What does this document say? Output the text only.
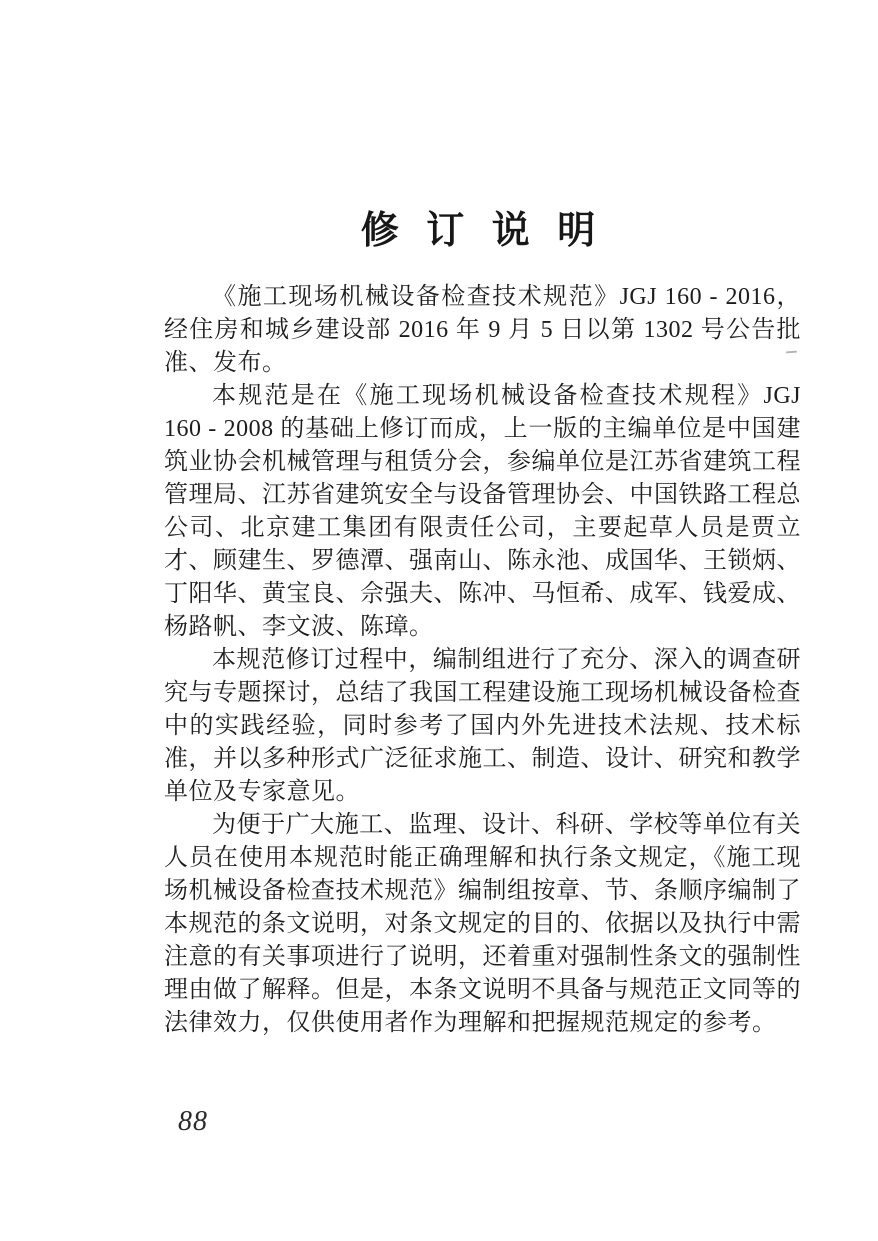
修 订 说 明

《施工现场机械设备检查技术规范》JGJ 160 - 2016，经住房和城乡建设部 2016 年 9 月 5 日以第 1302 号公告批准、发布。

本规范是在《施工现场机械设备检查技术规程》JGJ 160 - 2008 的基础上修订而成，上一版的主编单位是中国建筑业协会机械管理与租赁分会，参编单位是江苏省建筑工程管理局、江苏省建筑安全与设备管理协会、中国铁路工程总公司、北京建工集团有限责任公司，主要起草人员是贾立才、顾建生、罗德潭、强南山、陈永池、成国华、王锁炳、丁阳华、黄宝良、佘强夫、陈冲、马恒希、成军、钱爱成、杨路帆、李文波、陈璋。

本规范修订过程中，编制组进行了充分、深入的调查研究与专题探讨，总结了我国工程建设施工现场机械设备检查中的实践经验，同时参考了国内外先进技术法规、技术标准，并以多种形式广泛征求施工、制造、设计、研究和教学单位及专家意见。

为便于广大施工、监理、设计、科研、学校等单位有关人员在使用本规范时能正确理解和执行条文规定，《施工现场机械设备检查技术规范》编制组按章、节、条顺序编制了本规范的条文说明，对条文规定的目的、依据以及执行中需注意的有关事项进行了说明，还着重对强制性条文的强制性理由做了解释。但是，本条文说明不具备与规范正文同等的法律效力，仅供使用者作为理解和把握规范规定的参考。

88
